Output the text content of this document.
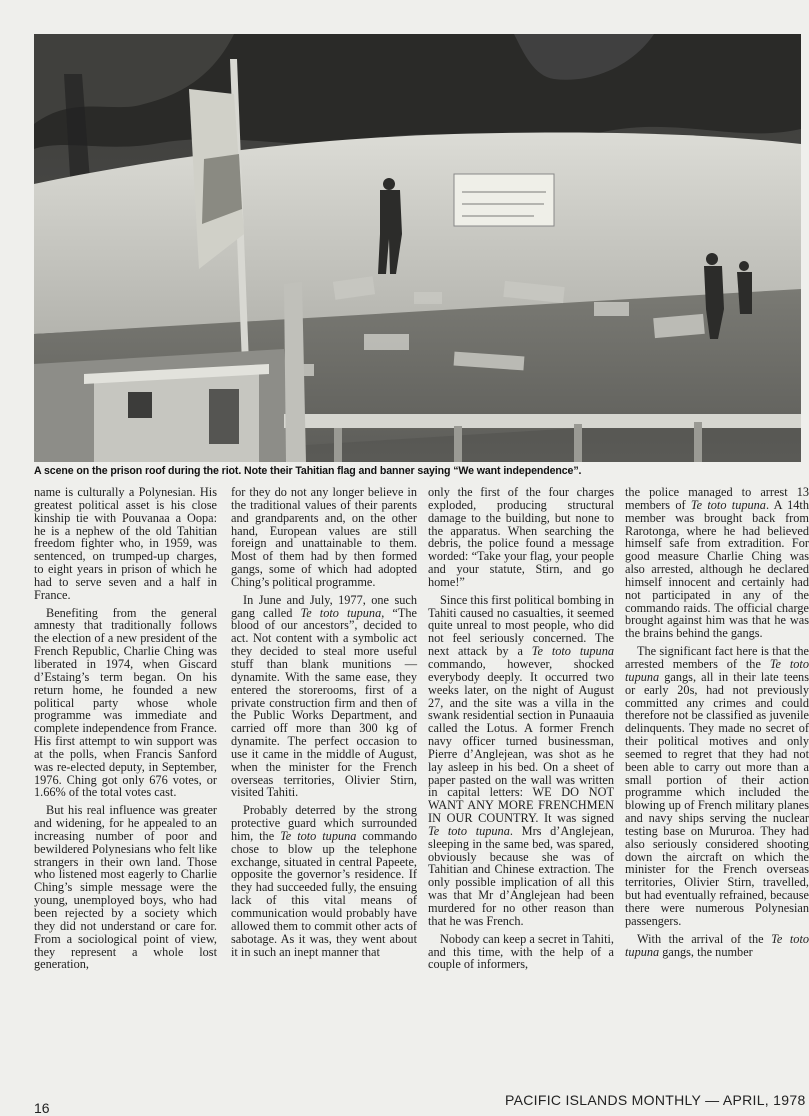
A scene on the prison roof during the riot. Note their Tahitian flag and banner saying “We want independence”.

name is culturally a Polynesian. His greatest political asset is his close kinship tie with Pouvanaa a Oopa: he is a nephew of the old Tahitian freedom fighter who, in 1959, was sentenced, on trumped-up charges, to eight years in prison of which he had to serve seven and a half in France.

Benefiting from the general amnesty that traditionally follows the election of a new president of the French Republic, Charlie Ching was liberated in 1974, when Giscard d’Estaing’s term began. On his return home, he founded a new political party whose whole programme was immediate and complete independence from France. His first attempt to win support was at the polls, when Francis Sanford was re-elected deputy, in September, 1976. Ching got only 676 votes, or 1.66% of the total votes cast.

But his real influence was greater and widening, for he appealed to an increasing number of poor and bewildered Polynesians who felt like strangers in their own land. Those who listened most eagerly to Charlie Ching’s simple message were the young, unemployed boys, who had been rejected by a society which they did not understand or care for. From a sociological point of view, they represent a whole lost generation,

for they do not any longer believe in the traditional values of their parents and grandparents and, on the other hand, European values are still foreign and unattainable to them. Most of them had by then formed gangs, some of which had adopted Ching’s political programme.

In June and July, 1977, one such gang called Te toto tupuna, “The blood of our ancestors”, decided to act. Not content with a symbolic act they decided to steal more useful stuff than blank munitions — dynamite. With the same ease, they entered the storerooms, first of a private construction firm and then of the Public Works Department, and carried off more than 300 kg of dynamite. The perfect occasion to use it came in the middle of August, when the minister for the French overseas territories, Olivier Stirn, visited Tahiti.

Probably deterred by the strong protective guard which surrounded him, the Te toto tupuna commando chose to blow up the telephone exchange, situated in central Papeete, opposite the governor’s residence. If they had succeeded fully, the ensuing lack of this vital means of communication would probably have allowed them to commit other acts of sabotage. As it was, they went about it in such an inept manner that

only the first of the four charges exploded, producing structural damage to the building, but none to the apparatus. When searching the debris, the police found a message worded: “Take your flag, your people and your statute, Stirn, and go home!”

Since this first political bombing in Tahiti caused no casualties, it seemed quite unreal to most people, who did not feel seriously concerned. The next attack by a Te toto tupuna commando, however, shocked everybody deeply. It occurred two weeks later, on the night of August 27, and the site was a villa in the swank residential section in Punaauia called the Lotus. A former French navy officer turned businessman, Pierre d’Anglejean, was shot as he lay asleep in his bed. On a sheet of paper pasted on the wall was written in capital letters: WE DO NOT WANT ANY MORE FRENCHMEN IN OUR COUNTRY. It was signed Te toto tupuna. Mrs d’Anglejean, sleeping in the same bed, was spared, obviously because she was of Tahitian and Chinese extraction. The only possible implication of all this was that Mr d’Anglejean had been murdered for no other reason than that he was French.

Nobody can keep a secret in Tahiti, and this time, with the help of a couple of informers,

the police managed to arrest 13 members of Te toto tupuna. A 14th member was brought back from Rarotonga, where he had believed himself safe from extradition. For good measure Charlie Ching was also arrested, although he declared himself innocent and certainly had not participated in any of the commando raids. The official charge brought against him was that he was the brains behind the gangs.

The significant fact here is that the arrested members of the Te toto tupuna gangs, all in their late teens or early 20s, had not previously committed any crimes and could therefore not be classified as juvenile delinquents. They made no secret of their political motives and only seemed to regret that they had not been able to carry out more than a small portion of their action programme which included the blowing up of French military planes and navy ships serving the nuclear testing base on Mururoa. They had also seriously considered shooting down the aircraft on which the minister for the French overseas territories, Olivier Stirn, travelled, but had eventually refrained, because there were numerous Polynesian passengers.

With the arrival of the Te toto tupuna gangs, the number

PACIFIC ISLANDS MONTHLY — APRIL, 1978
16
